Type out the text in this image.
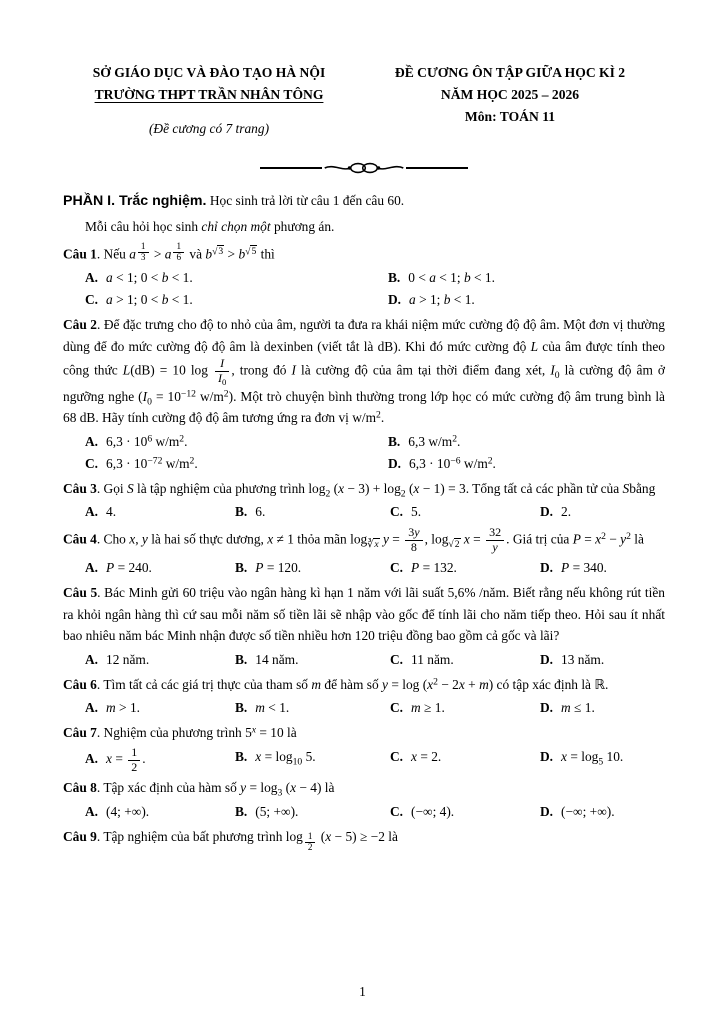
SỞ GIÁO DỤC VÀ ĐÀO TẠO HÀ NỘI
TRƯỜNG THPT TRẦN NHÂN TÔNG
(Đề cương có 7 trang)
ĐỀ CƯƠNG ÔN TẬP GIỮA HỌC KÌ 2
NĂM HỌC 2025 – 2026
Môn: TOÁN 11
PHẦN I. Trắc nghiệm. Học sinh trả lời từ câu 1 đến câu 60.
Mỗi câu hỏi học sinh chỉ chọn một phương án.

Câu 1. Nếu a $^{\frac{1}{3}}$ > a $^{\frac{1}{6}}$ và $b^{√3} > b^{√5}$ thì

A. a < 1; 0 < b < 1.	B. 0 < a < 1; b < 1.
C. a > 1; 0 < b < 1.	D. a > 1; b < 1.

Câu 2. Để đặc trưng cho độ to nhỏ của âm, người ta đưa ra khái niệm mức cường độ độ âm. Một đơn vị thường dùng để đo mức cường độ độ âm là dexinben (viết tắt là dB). Khi đó mức cường độ L của âm được tính theo công thức L(dB) = 10 $\log \frac{I}{I_0}$ , trong đó I là cường độ của âm tại thời điểm đang xét, $I_0$ là cường độ âm ở ngưỡng nghe ($I_0 = 10^{-12}$ $w/m^2$). Một trò chuyện bình thường trong lớp học có mức cường độ âm trung bình là 68 dB. Hãy tính cường độ độ âm tương ứng ra đơn vị $w/m^2$.

A. $6,3 \cdot 10^6$ $w/m^2$.	B. 6,3 $w/m^2$.
C. $6,3 \cdot 10^{-72}$ $w/m^2$.	D. $6,3 \cdot 10^{-6}$ $w/m^2$.

Câu 3. Gọi S là tập nghiệm của phương trình $\log_2 (x - 3) + \log_2 (x - 1) = 3$. Tổng tất cả các phần tử của Sbằng

A. 4.	B. 6.	C. 5.	D. 2.

Câu 4. Cho x, y là hai số thực dương, x ≠ 1 thỏa mãn $\log_{∛x} y = \frac{3y}{8}$ , $\log_{√2} x = \frac{32}{y}$ . Giá trị của $P = x^2 - y^2$ là

A. P = 240.	B. P = 120.	C. P = 132.	D. P = 340.

Câu 5. Bác Minh gửi 60 triệu vào ngân hàng kì hạn 1 năm với lãi suất 5,6% /năm. Biết rằng nếu không rút tiền ra khỏi ngân hàng thì cứ sau mỗi năm số tiền lãi sẽ nhập vào gốc để tính lãi cho năm tiếp theo. Hỏi sau ít nhất bao nhiêu năm bác Minh nhận được số tiền nhiều hơn 120 triệu đồng bao gồm cả gốc và lãi?

A. 12 năm.	B. 14 năm.	C. 11 năm.	D. 13 năm.

Câu 6. Tìm tất cả các giá trị thực của tham số m để hàm số $y = \log (x^2 - 2x + m)$ có tập xác định là ℝ.

A. m > 1.	B. m < 1.	C. m ≥ 1.	D. m ≤ 1.

Câu 7. Nghiệm của phương trình $5^x = 10$ là

A. $x = \frac{1}{2}$ .	B. $x = \log_{10} 5$.	C. x = 2.	D. $x = \log_5 10$.

Câu 8. Tập xác định của hàm số $y = \log_3 (x - 4)$ là

A. (4; +∞).	B. (5; +∞).	C. (−∞; 4).	D. (−∞; +∞).

Câu 9. Tập nghiệm của bất phương trình log $_{\frac{1}{2}}$ (x − 5) ≥ −2 là

1
